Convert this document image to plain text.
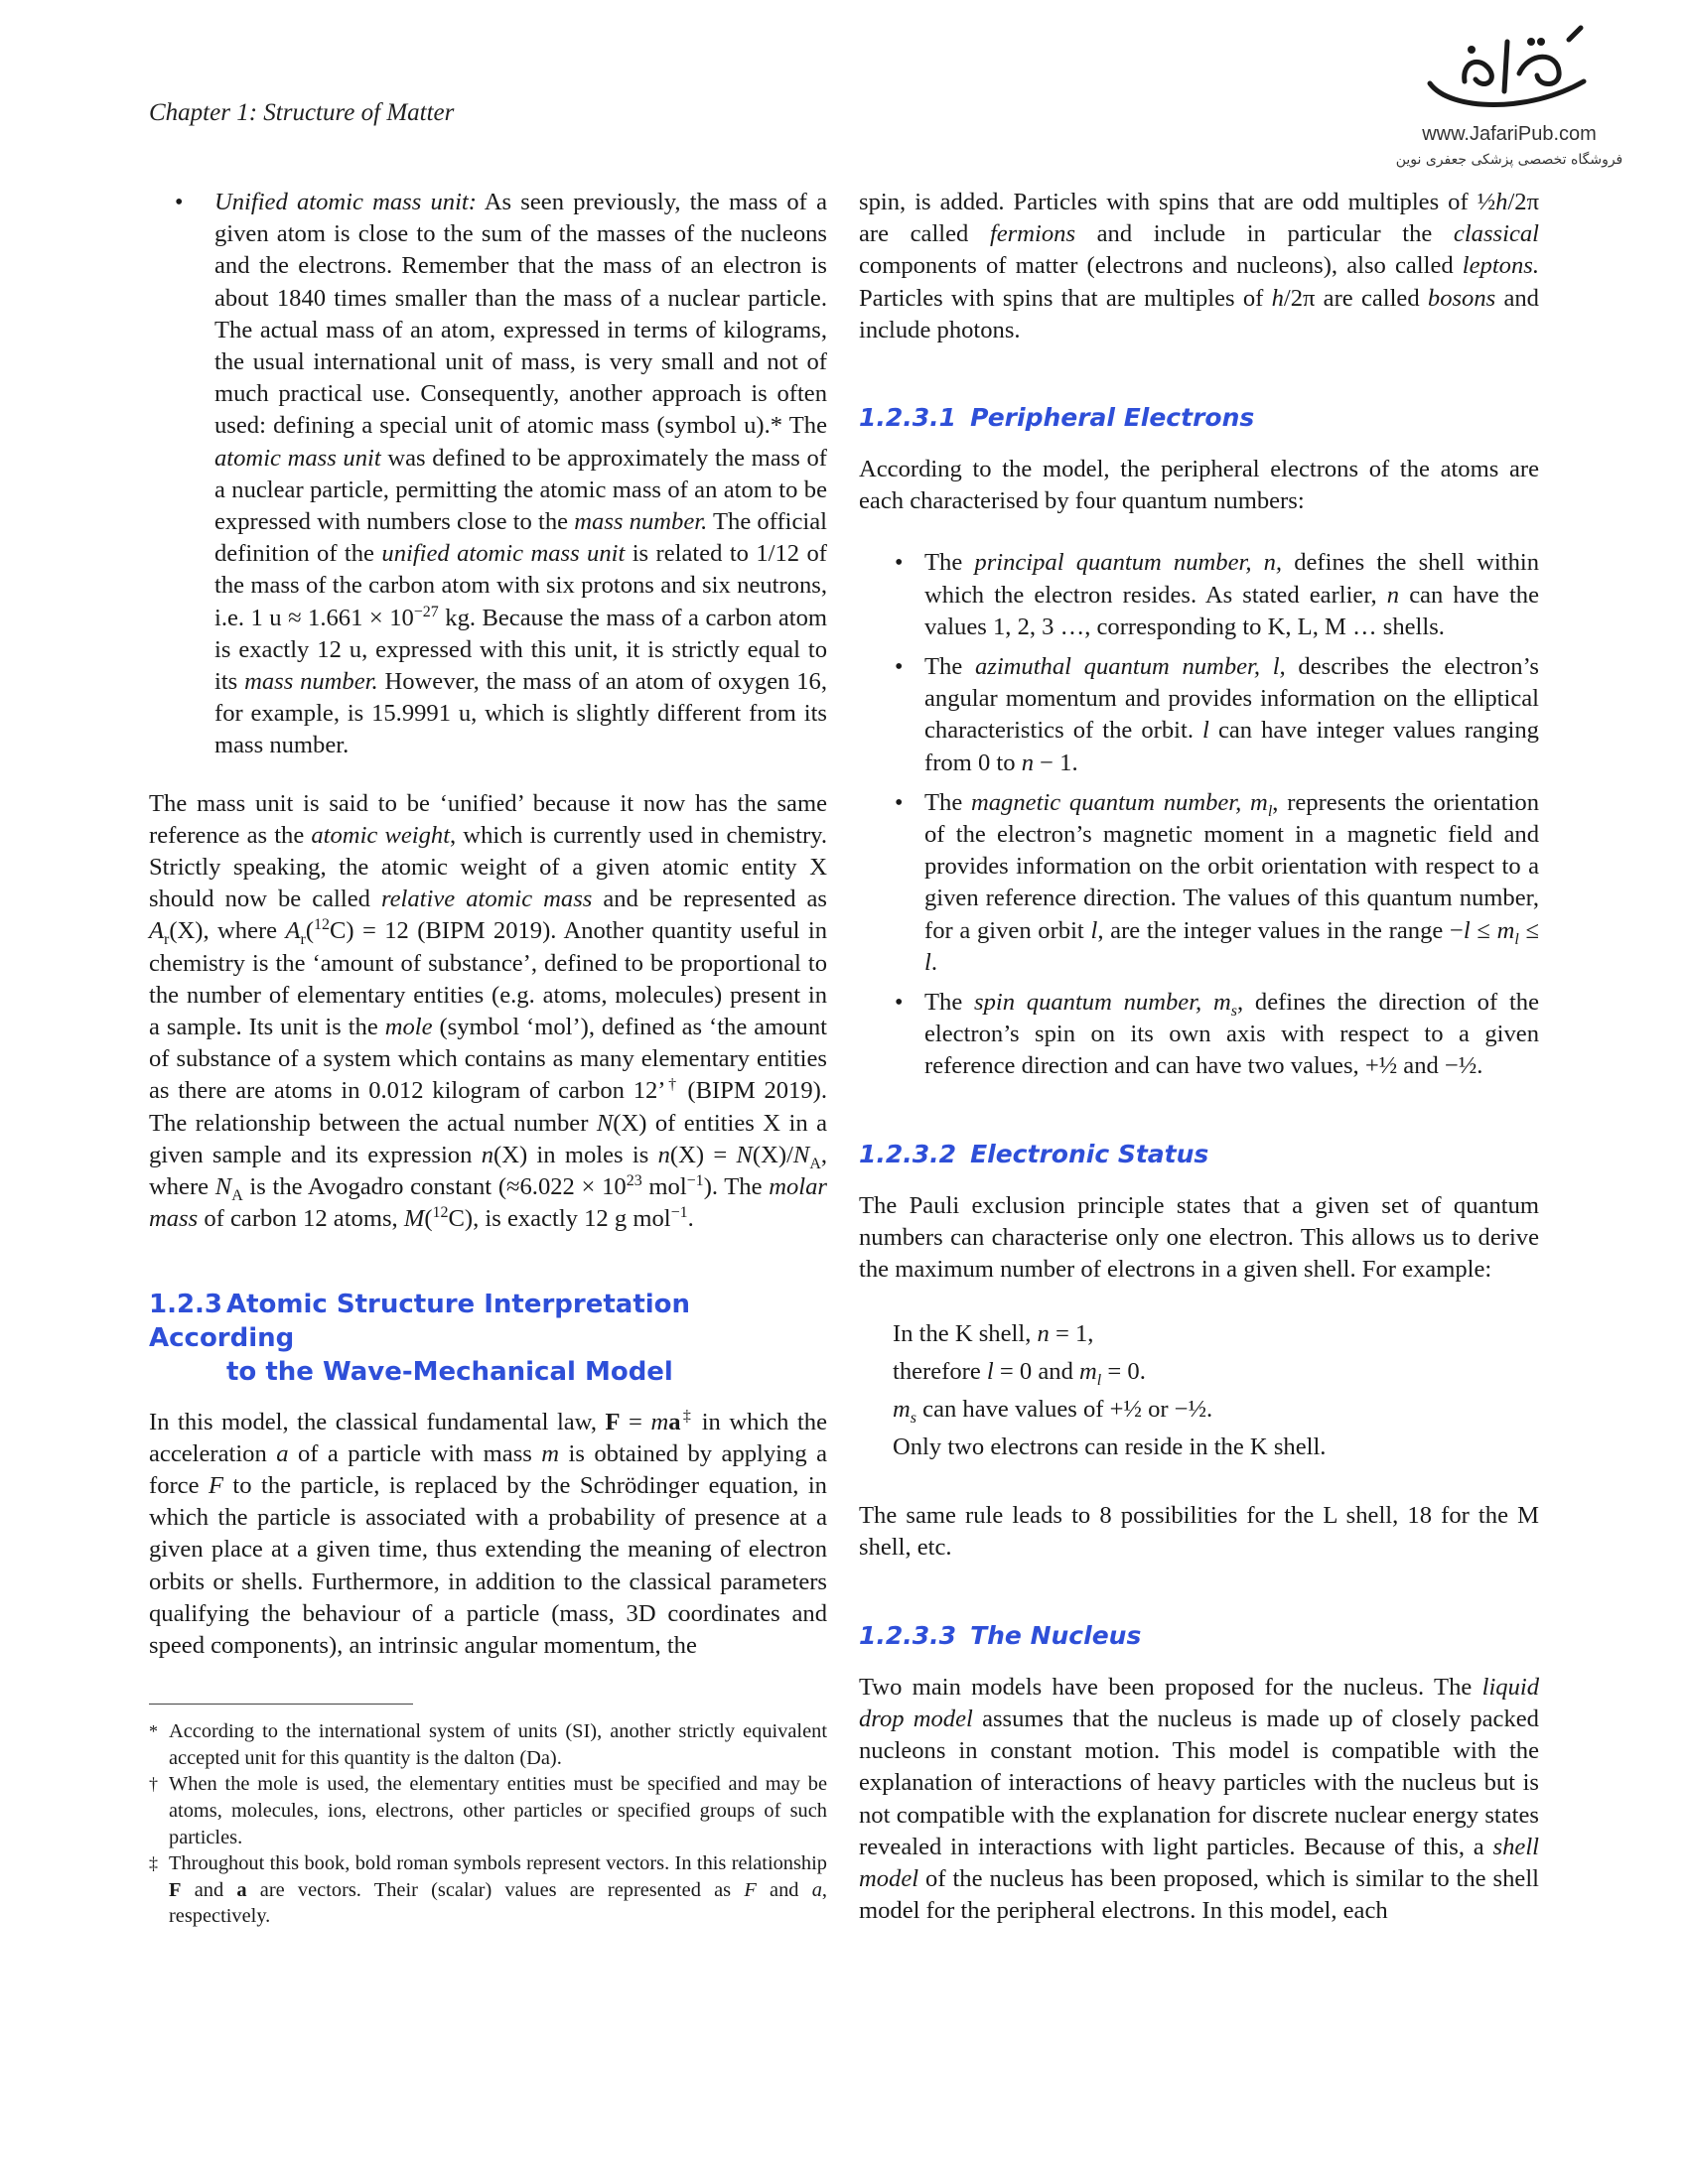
Chapter 1: Structure of Matter
www.JafariPub.com
فروشگاه تخصصی پزشکی جعفری نوین
• Unified atomic mass unit: As seen previously, the mass of a given atom is close to the sum of the masses of the nucleons and the electrons. Remember that the mass of an electron is about 1840 times smaller than the mass of a nuclear particle. The actual mass of an atom, expressed in terms of kilograms, the usual international unit of mass, is very small and not of much practical use. Consequently, another approach is often used: defining a special unit of atomic mass (symbol u).* The atomic mass unit was defined to be approximately the mass of a nuclear particle, permitting the atomic mass of an atom to be expressed with numbers close to the mass number. The official definition of the unified atomic mass unit is related to 1/12 of the mass of the carbon atom with six protons and six neutrons, i.e. 1 $u \approx 1.661 \times 10^{-27}$ kg. Because the mass of a carbon atom is exactly 12 u, expressed with this unit, it is strictly equal to its mass number. However, the mass of an atom of oxygen 16, for example, is 15.9991 u, which is slightly different from its mass number.

The mass unit is said to be ‘unified’ because it now has the same reference as the atomic weight, which is currently used in chemistry. Strictly speaking, the atomic weight of a given atomic entity X should now be called relative atomic mass and be represented as $A_r(X)$, where $A_r(^{12}C) = 12$ (BIPM 2019). Another quantity useful in chemistry is the ‘amount of substance’, defined to be proportional to the number of elementary entities (e.g. atoms, molecules) present in a sample. Its unit is the mole (symbol ‘mol’), defined as ‘the amount of substance of a system which contains as many elementary entities as there are atoms in 0.012 kilogram of carbon 12’† (BIPM 2019). The relationship between the actual number N(X) of entities X in a given sample and its expression n(X) in moles is $n(X) = N(X)/N_A$, where $N_A$ is the Avogadro constant ($\approx 6.022 \times 10^{23}$ mol$^{-1}$). The molar mass of carbon 12 atoms, M($^{12}$C), is exactly 12 g mol$^{-1}$.

1.2.3 Atomic Structure Interpretation According
to the Wave-Mechanical Model

In this model, the classical fundamental law, F = ma‡ in which the acceleration a of a particle with mass m is obtained by applying a force F to the particle, is replaced by the Schrödinger equation, in which the particle is associated with a probability of presence at a given place at a given time, thus extending the meaning of electron orbits or shells. Furthermore, in addition to the classical parameters qualifying the behaviour of a particle (mass, 3D coordinates and speed components), an intrinsic angular momentum, the

* According to the international system of units (SI), another strictly equivalent accepted unit for this quantity is the dalton (Da).
† When the mole is used, the elementary entities must be specified and may be atoms, molecules, ions, electrons, other particles or specified groups of such particles.
‡ Throughout this book, bold roman symbols represent vectors. In this relationship F and a are vectors. Their (scalar) values are represented as F and a, respectively.

spin, is added. Particles with spins that are odd multiples of ½h/2π are called fermions and include in particular the classical components of matter (electrons and nucleons), also called leptons. Particles with spins that are multiples of h/2π are called bosons and include photons.

1.2.3.1 Peripheral Electrons

According to the model, the peripheral electrons of the atoms are each characterised by four quantum numbers:

• The principal quantum number, n, defines the shell within which the electron resides. As stated earlier, n can have the values 1, 2, 3 …, corresponding to K, L, M … shells.
• The azimuthal quantum number, l, describes the electron’s angular momentum and provides information on the elliptical characteristics of the orbit. l can have integer values ranging from 0 to n − 1.
• The magnetic quantum number, $m_l$, represents the orientation of the electron’s magnetic moment in a magnetic field and provides information on the orbit orientation with respect to a given reference direction. The values of this quantum number, for a given orbit l, are the integer values in the range $-l \le m_l \le l$.
• The spin quantum number, $m_s$, defines the direction of the electron’s spin on its own axis with respect to a given reference direction and can have two values, +½ and −½.
1.2.3.2 Electronic Status

The Pauli exclusion principle states that a given set of quantum numbers can characterise only one electron. This allows us to derive the maximum number of electrons in a given shell. For example:

In the K shell, n = 1,
therefore l = 0 and $m_l = 0$.
$m_s$ can have values of +½ or −½.
Only two electrons can reside in the K shell.

The same rule leads to 8 possibilities for the L shell, 18 for the M shell, etc.

1.2.3.3 The Nucleus

Two main models have been proposed for the nucleus. The liquid drop model assumes that the nucleus is made up of closely packed nucleons in constant motion. This model is compatible with the explanation of interactions of heavy particles with the nucleus but is not compatible with the explanation for discrete nuclear energy states revealed in interactions with light particles. Because of this, a shell model of the nucleus has been proposed, which is similar to the shell model for the peripheral electrons. In this model, each
